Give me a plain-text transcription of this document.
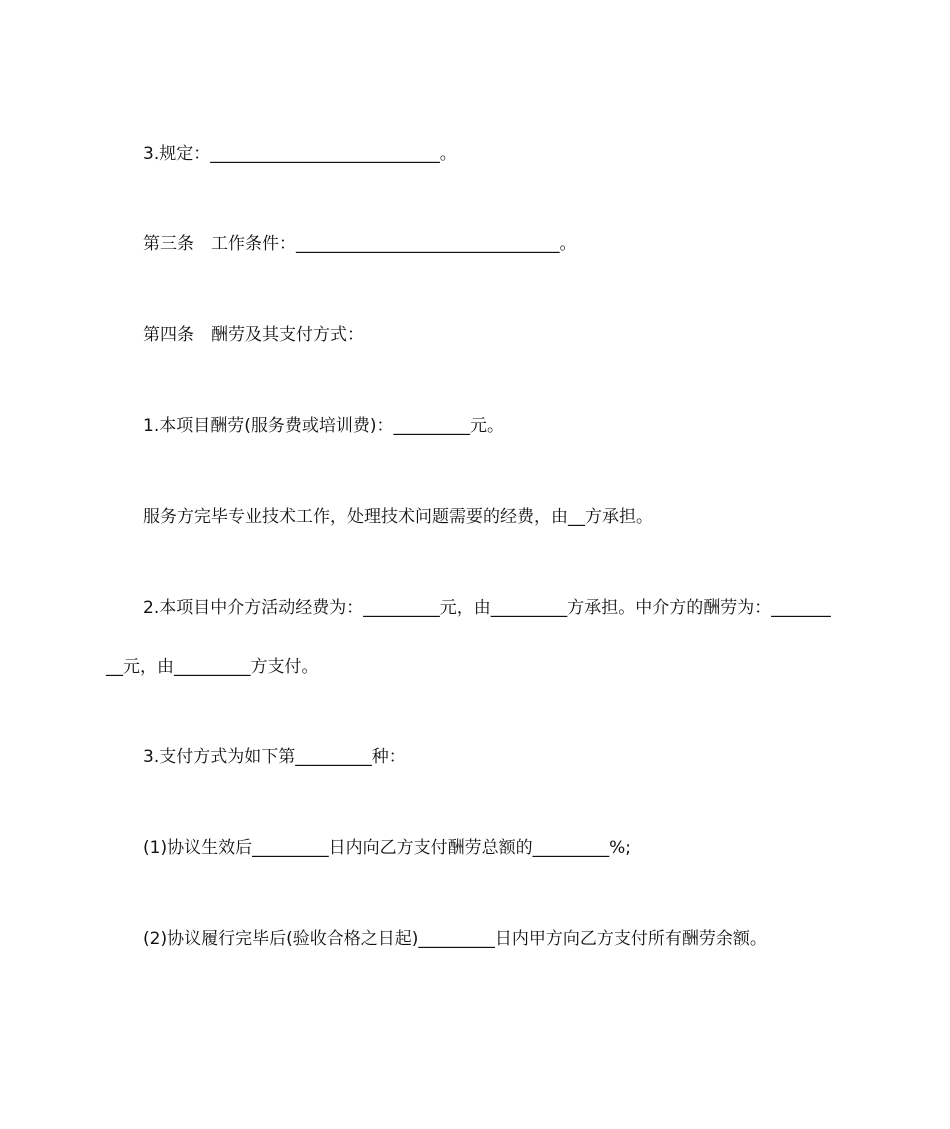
3.规定：___________________________。
第三条　工作条件：_______________________________。
第四条　酬劳及其支付方式：
1.本项目酬劳(服务费或培训费)：_________元。
服务方完毕专业技术工作，处理技术问题需要的经费，由__方承担。
2.本项目中介方活动经费为：_________元，由_________方承担。中介方的酬劳为：_______
__元，由_________方支付。
3.支付方式为如下第_________种：
(1)协议生效后_________日内向乙方支付酬劳总额的_________%;
(2)协议履行完毕后(验收合格之日起)_________日内甲方向乙方支付所有酬劳余额。
